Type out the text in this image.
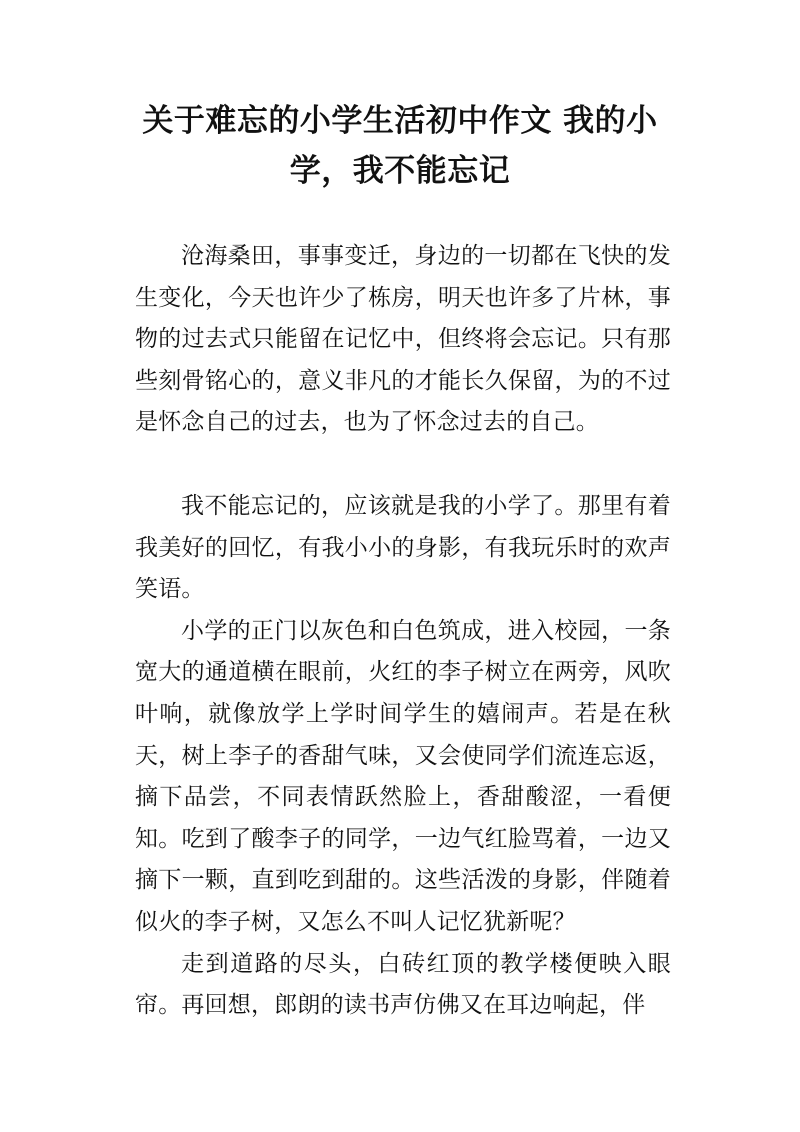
关于难忘的小学生活初中作文 我的小学，我不能忘记

沧海桑田，事事变迁，身边的一切都在飞快的发生变化，今天也许少了栋房，明天也许多了片林，事物的过去式只能留在记忆中，但终将会忘记。只有那些刻骨铭心的，意义非凡的才能长久保留，为的不过是怀念自己的过去，也为了怀念过去的自己。

我不能忘记的，应该就是我的小学了。那里有着我美好的回忆，有我小小的身影，有我玩乐时的欢声笑语。

小学的正门以灰色和白色筑成，进入校园，一条宽大的通道横在眼前，火红的李子树立在两旁，风吹叶响，就像放学上学时间学生的嬉闹声。若是在秋天，树上李子的香甜气味，又会使同学们流连忘返，摘下品尝，不同表情跃然脸上，香甜酸涩，一看便知。吃到了酸李子的同学，一边气红脸骂着，一边又摘下一颗，直到吃到甜的。这些活泼的身影，伴随着似火的李子树，又怎么不叫人记忆犹新呢？

走到道路的尽头，白砖红顶的教学楼便映入眼帘。再回想，郎朗的读书声仿佛又在耳边响起，伴
